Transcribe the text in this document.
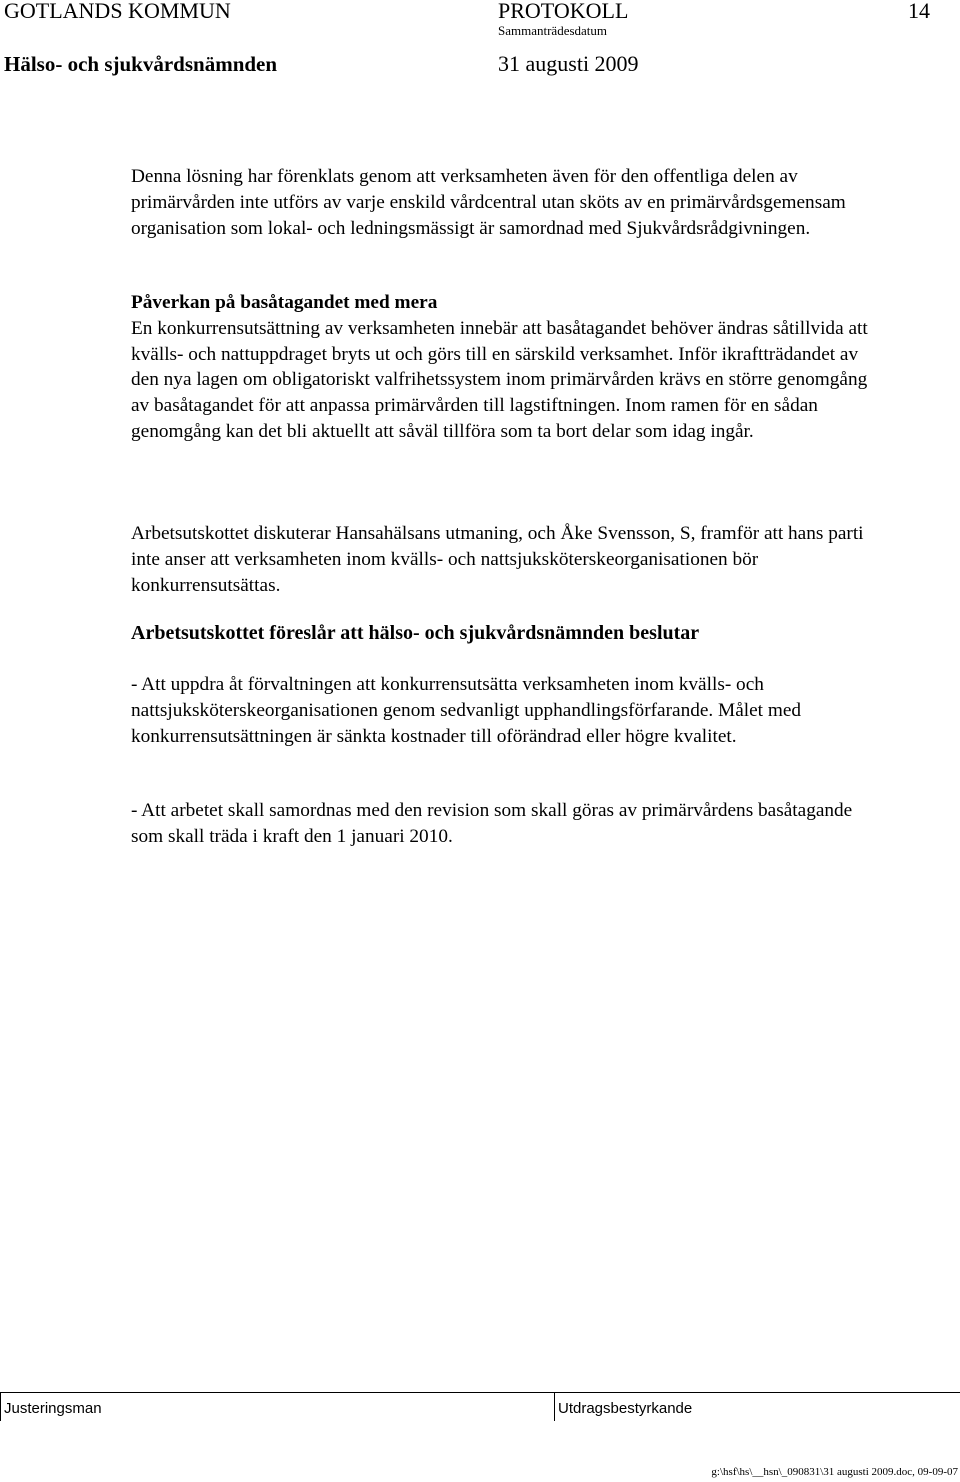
GOTLANDS KOMMUN	PROTOKOLL	14
Sammanträdesdatum
Hälso- och sjukvårdsnämnden	31 augusti 2009

Denna lösning har förenklats genom att verksamheten även för den offentliga delen av primärvården inte utförs av varje enskild vårdcentral utan sköts av en primärvårdsgemensam organisation som lokal- och ledningsmässigt är samordnad med Sjukvårdsrådgivningen.

Påverkan på basåtagandet med mera

En konkurrensutsättning av verksamheten innebär att basåtagandet behöver ändras såtillvida att kvälls- och nattuppdraget bryts ut och görs till en särskild verksamhet. Inför ikraftträdandet av den nya lagen om obligatoriskt valfrihetssystem inom primärvården krävs en större genomgång av basåtagandet för att anpassa primärvården till lagstiftningen. Inom ramen för en sådan genomgång kan det bli aktuellt att såväl tillföra som ta bort delar som idag ingår.

Arbetsutskottet diskuterar Hansahälsans utmaning, och Åke Svensson, S, framför att hans parti inte anser att verksamheten inom kvälls- och nattsjuksköterskeorganisationen bör konkurrensutsättas.

Arbetsutskottet föreslår att hälso- och sjukvårdsnämnden beslutar

- Att uppdra åt förvaltningen att konkurrensutsätta verksamheten inom kvälls- och nattsjuksköterskeorganisationen genom sedvanligt upphandlingsförfarande. Målet med konkurrensutsättningen är sänkta kostnader till oförändrad eller högre kvalitet.

- Att arbetet skall samordnas med den revision som skall göras av primärvårdens basåtagande som skall träda i kraft den 1 januari 2010.

Justeringsman	Utdragsbestyrkande
g:\hsf\hs\__hsn\_090831\31 augusti 2009.doc, 09-09-07
